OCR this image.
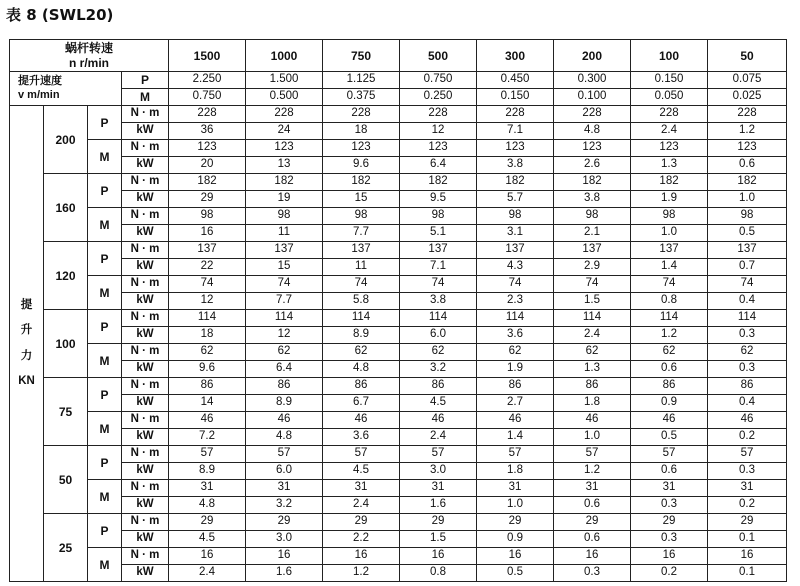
表 8 (SWL20)
蜗杆转速
n r/min				1500	1000	750	500	300	200	100	50
提升速度
v m/min			P	2.250	1.500	1.125	0.750	0.450	0.300	0.150	0.075
			M	0.750	0.500	0.375	0.250	0.150	0.100	0.050	0.025
提
升
力
KN	200	P	N · m	228	228	228	228	228	228	228	228
			kW	36	24	18	12	7.1	4.8	2.4	1.2
		M	N · m	123	123	123	123	123	123	123	123
			kW	20	13	9.6	6.4	3.8	2.6	1.3	0.6
	160	P	N · m	182	182	182	182	182	182	182	182
			kW	29	19	15	9.5	5.7	3.8	1.9	1.0
		M	N · m	98	98	98	98	98	98	98	98
			kW	16	11	7.7	5.1	3.1	2.1	1.0	0.5
	120	P	N · m	137	137	137	137	137	137	137	137
			kW	22	15	11	7.1	4.3	2.9	1.4	0.7
		M	N · m	74	74	74	74	74	74	74	74
			kW	12	7.7	5.8	3.8	2.3	1.5	0.8	0.4
	100	P	N · m	114	114	114	114	114	114	114	114
			kW	18	12	8.9	6.0	3.6	2.4	1.2	0.3
		M	N · m	62	62	62	62	62	62	62	62
			kW	9.6	6.4	4.8	3.2	1.9	1.3	0.6	0.3
	75	P	N · m	86	86	86	86	86	86	86	86
			kW	14	8.9	6.7	4.5	2.7	1.8	0.9	0.4
		M	N · m	46	46	46	46	46	46	46	46
			kW	7.2	4.8	3.6	2.4	1.4	1.0	0.5	0.2
	50	P	N · m	57	57	57	57	57	57	57	57
			kW	8.9	6.0	4.5	3.0	1.8	1.2	0.6	0.3
		M	N · m	31	31	31	31	31	31	31	31
			kW	4.8	3.2	2.4	1.6	1.0	0.6	0.3	0.2
	25	P	N · m	29	29	29	29	29	29	29	29
			kW	4.5	3.0	2.2	1.5	0.9	0.6	0.3	0.1
		M	N · m	16	16	16	16	16	16	16	16
			kW	2.4	1.6	1.2	0.8	0.5	0.3	0.2	0.1
